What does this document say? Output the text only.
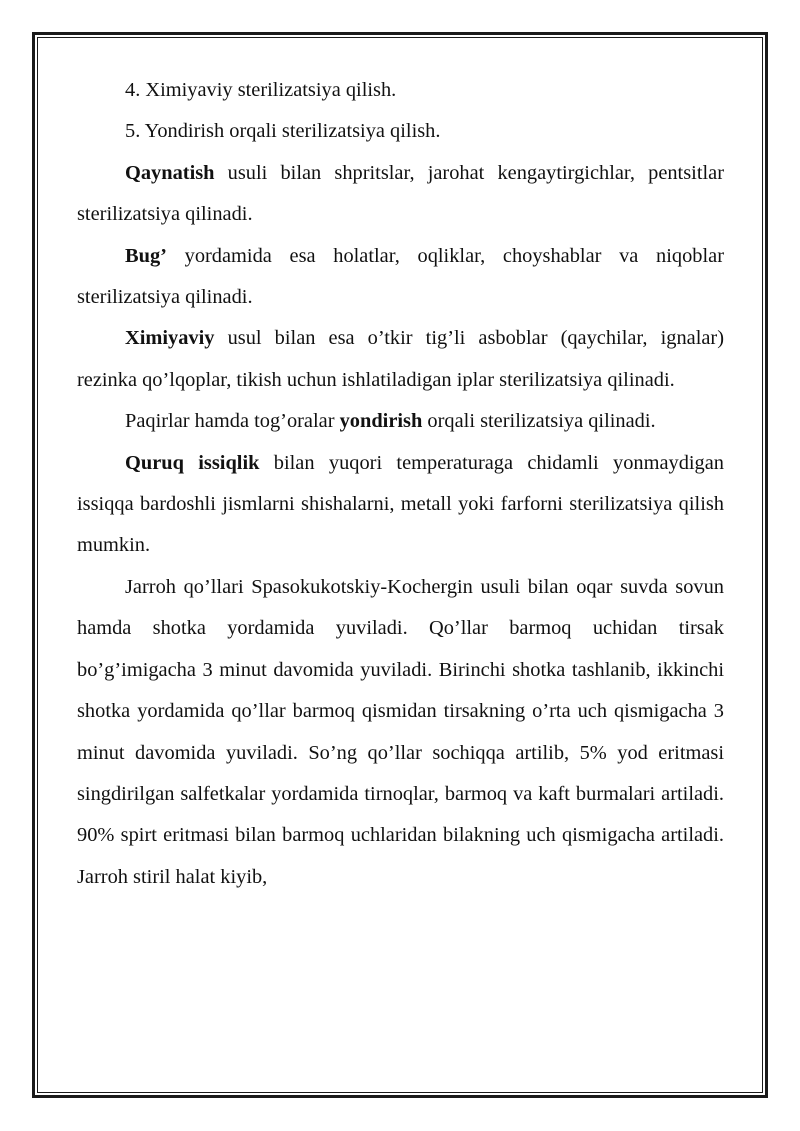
4. Ximiyaviy sterilizatsiya qilish.

5. Yondirish orqali sterilizatsiya qilish.

Qaynatish usuli bilan shpritslar, jarohat kengaytirgichlar, pentsitlar sterilizatsiya qilinadi.

Bug’ yordamida esa holatlar, oqliklar, choyshablar va niqoblar sterilizatsiya qilinadi.

Ximiyaviy usul bilan esa o’tkir tig’li asboblar (qaychilar, ignalar) rezinka qo’lqoplar, tikish uchun ishlatiladigan iplar sterilizatsiya qilinadi.

Paqirlar hamda tog’oralar yondirish orqali sterilizatsiya qilinadi.

Quruq issiqlik bilan yuqori temperaturaga chidamli yonmaydigan issiqqa bardoshli jismlarni shishalarni, metall yoki farforni sterilizatsiya qilish mumkin.

Jarroh qo’llari Spasokukotskiy-Kochergin usuli bilan oqar suvda sovun hamda shotka yordamida yuviladi. Qo’llar barmoq uchidan tirsak bo’g’imigacha 3 minut davomida yuviladi. Birinchi shotka tashlanib, ikkinchi shotka yordamida qo’llar barmoq qismidan tirsakning o’rta uch qismigacha 3 minut davomida yuviladi. So’ng qo’llar sochiqqa artilib, 5% yod eritmasi singdirilgan salfetkalar yordamida tirnoqlar, barmoq va kaft burmalari artiladi. 90% spirt eritmasi bilan barmoq uchlaridan bilakning uch qismigacha artiladi. Jarroh stiril halat kiyib,
